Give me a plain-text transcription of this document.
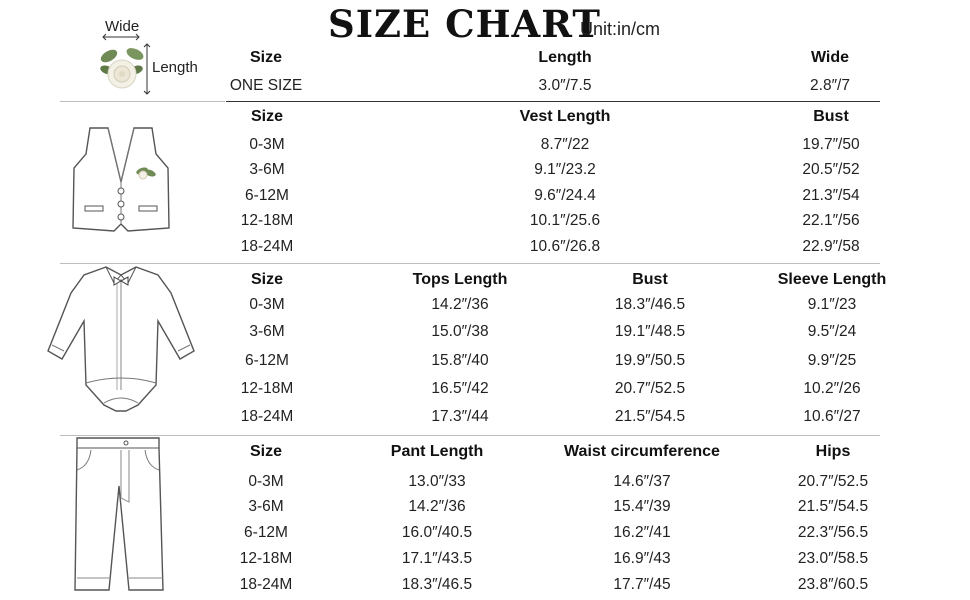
SIZE CHART
Unit:in/cm
Wide
Length
Size	Length	Wide
ONE SIZE	3.0″/7.5	2.8″/7
Size	Vest Length	Bust
0-3M	8.7″/22	19.7″/50
3-6M	9.1″/23.2	20.5″/52
6-12M	9.6″/24.4	21.3″/54
12-18M	10.1″/25.6	22.1″/56
18-24M	10.6″/26.8	22.9″/58
Size	Tops Length	Bust	Sleeve Length
0-3M	14.2″/36	18.3″/46.5	9.1″/23
3-6M	15.0″/38	19.1″/48.5	9.5″/24
6-12M	15.8″/40	19.9″/50.5	9.9″/25
12-18M	16.5″/42	20.7″/52.5	10.2″/26
18-24M	17.3″/44	21.5″/54.5	10.6″/27
Size	Pant Length	Waist circumference	Hips
0-3M	13.0″/33	14.6″/37	20.7″/52.5
3-6M	14.2″/36	15.4″/39	21.5″/54.5
6-12M	16.0″/40.5	16.2″/41	22.3″/56.5
12-18M	17.1″/43.5	16.9″/43	23.0″/58.5
18-24M	18.3″/46.5	17.7″/45	23.8″/60.5
